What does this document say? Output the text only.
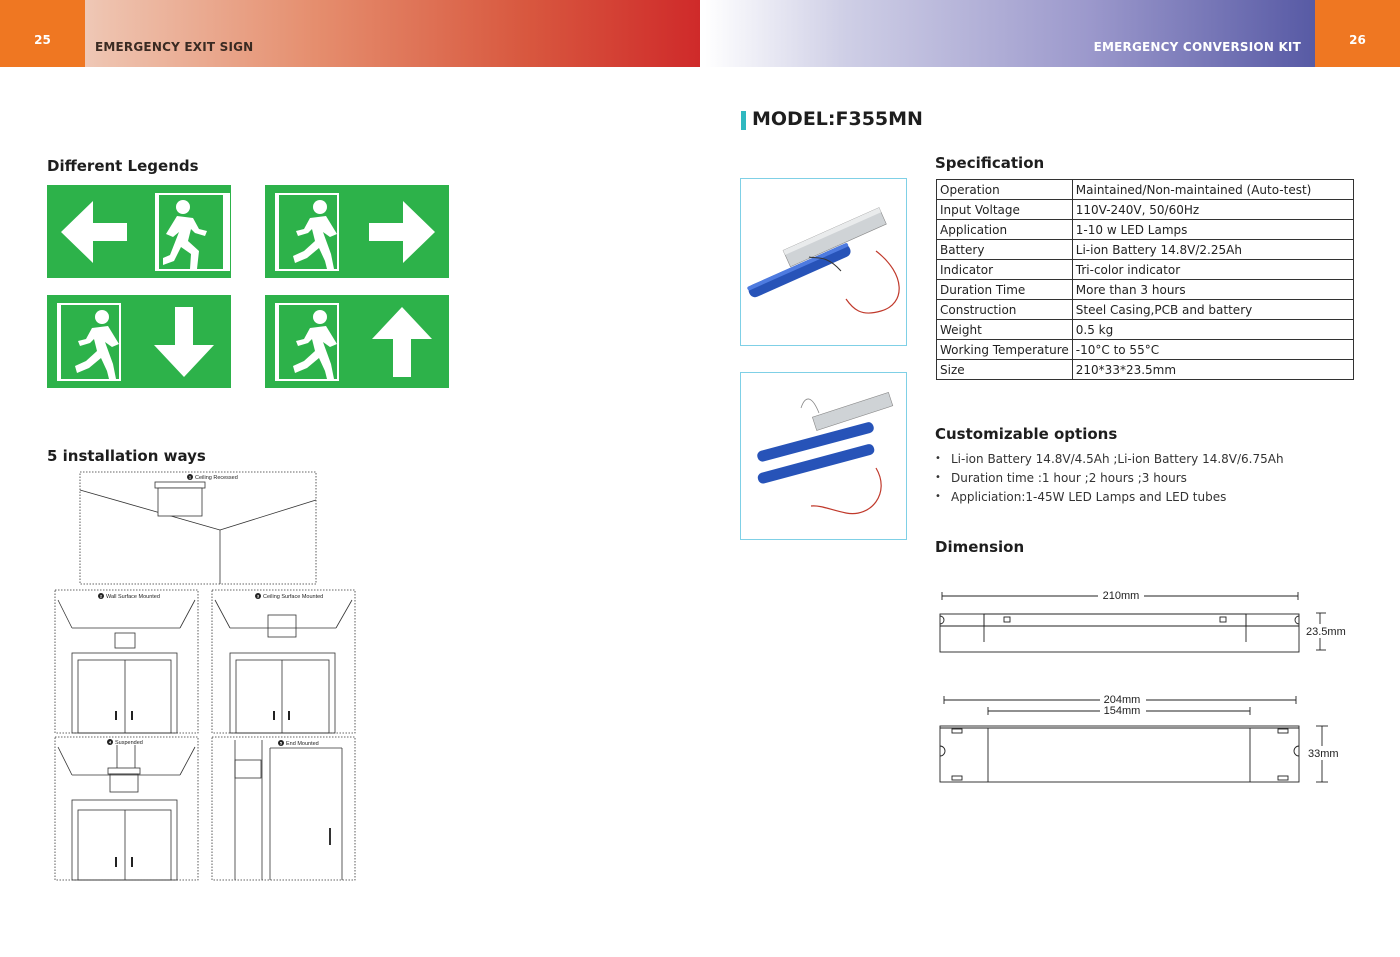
25
EMERGENCY EXIT SIGN
26
EMERGENCY CONVERSION KIT
Different Legends
5 installation ways
1
2	3
4	5
Ceiling Recessed
Wall Surface Mounted	Ceiling Surface Mounted
Suspended	End Mounted
MODEL:F355MN
Specification
Operation	Maintained/Non-maintained (Auto-test)
Input Voltage	110V-240V, 50/60Hz
Application	1-10 w LED Lamps
Battery	Li-ion Battery 14.8V/2.25Ah
Indicator	Tri-color indicator
Duration Time	More than 3 hours
Construction	Steel Casing,PCB and battery
Weight	0.5 kg
Working Temperature	-10°C to 55°C
Size	210*33*23.5mm
Customizable options
• Li-ion Battery 14.8V/4.5Ah ;Li-ion Battery 14.8V/6.75Ah
• Duration time :1 hour ;2 hours ;3 hours
• Appliciation:1-45W LED Lamps and LED tubes
Dimension
210mm
23.5mm
204mm
154mm
33mm
